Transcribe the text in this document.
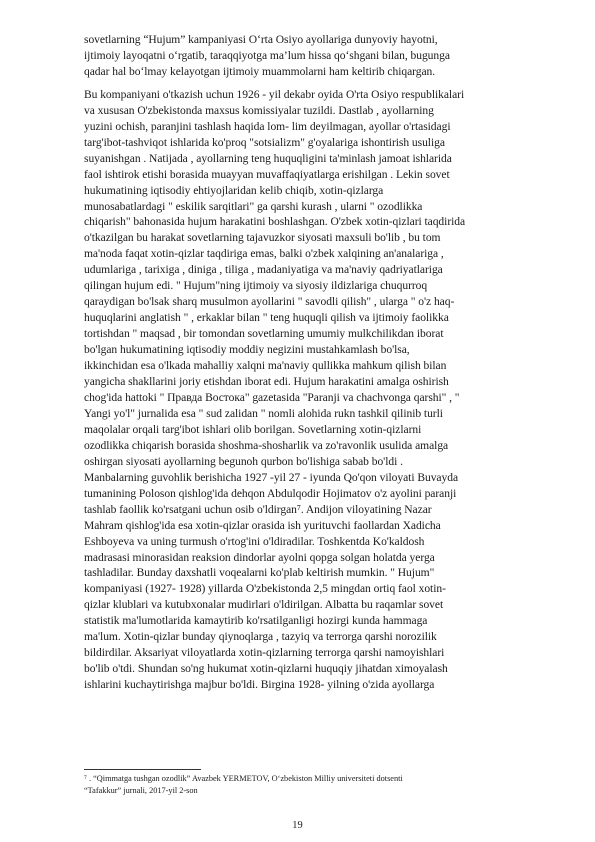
sovetlarning “Hujum” kampaniyasi O‘rta Osiyo ayollariga dunyoviy hayotni,
ijtimoiy layoqatni o‘rgatib, taraqqiyotga ma’lum hissa qo‘shgani bilan, bugunga
qadar hal bo‘lmay kelayotgan ijtimoiy muammolarni ham keltirib chiqargan.

Bu kompaniyani o'tkazish uchun 1926 - yil dekabr oyida O'rta Osiyo respublikalari
va xususan O'zbekistonda maxsus komissiyalar tuzildi. Dastlab , ayollarning
yuzini ochish, paranjini tashlash haqida lom- lim deyilmagan, ayollar o'rtasidagi
targ'ibot-tashviqot ishlarida ko'proq "sotsializm" g'oyalariga ishontirish usuliga
suyanishgan . Natijada , ayollarning teng huquqligini ta'minlash jamoat ishlarida
faol ishtirok etishi borasida muayyan muvaffaqiyatlarga erishilgan . Lekin sovet
hukumatining iqtisodiy ehtiyojlaridan kelib chiqib, xotin-qizlarga
munosabatlardagi " eskilik sarqitlari" ga qarshi kurash , ularni " ozodlikka
chiqarish" bahonasida hujum harakatini boshlashgan. O'zbek xotin-qizlari taqdirida
o'tkazilgan bu harakat sovetlarning tajavuzkor siyosati maxsuli bo'lib , bu tom
ma'noda faqat xotin-qizlar taqdiriga emas, balki o'zbek xalqining an'analariga ,
udumlariga , tarixiga , diniga , tiliga , madaniyatiga va ma'naviy qadriyatlariga
qilingan hujum edi. " Hujum"ning ijtimoiy va siyosiy ildizlariga chuqurroq
qaraydigan bo'lsak sharq musulmon ayollarini " savodli qilish" , ularga " o'z haq-
huquqlarini anglatish " , erkaklar bilan " teng huquqli qilish va ijtimoiy faolikka
tortishdan " maqsad , bir tomondan sovetlarning umumiy mulkchilikdan iborat
bo'lgan hukumatining iqtisodiy moddiy negizini mustahkamlash bo'lsa,
ikkinchidan esa o'lkada mahalliy xalqni ma'naviy qullikka mahkum qilish bilan
yangicha shakllarini joriy etishdan iborat edi. Hujum harakatini amalga oshirish
chog'ida hattoki " Правда Востока" gazetasida "Paranji va chachvonga qarshi" , "
Yangi yo'l" jurnalida esa " sud zalidan " nomli alohida rukn tashkil qilinib turli
maqolalar orqali targ'ibot ishlari olib borilgan. Sovetlarning xotin-qizlarni
ozodlikka chiqarish borasida shoshma-shosharlik va zo'ravonlik usulida amalga
oshirgan siyosati ayollarning begunoh qurbon bo'lishiga sabab bo'ldi .
Manbalarning guvohlik berishicha 1927 -yil 27 - iyunda Qo'qon viloyati Buvayda
tumanining Poloson qishlog'ida dehqon Abdulqodir Hojimatov o'z ayolini paranji
tashlab faollik ko'rsatgani uchun osib o'ldirgan⁷. Andijon viloyatining Nazar
Mahram qishlog'ida esa xotin-qizlar orasida ish yurituvchi faollardan Xadicha
Eshboyeva va uning turmush o'rtog'ini o'ldiradilar. Toshkentda Ko'kaldosh
madrasasi minorasidan reaksion dindorlar ayolni qopga solgan holatda yerga
tashladilar. Bunday daxshatli voqealarni ko'plab keltirish mumkin. " Hujum"
kompaniyasi (1927- 1928) yillarda O'zbekistonda 2,5 mingdan ortiq faol xotin-
qizlar klublari va kutubxonalar mudirlari o'ldirilgan. Albatta bu raqamlar sovet
statistik ma'lumotlarida kamaytirib ko'rsatilganligi hozirgi kunda hammaga
ma'lum. Xotin-qizlar bunday qiynoqlarga , tazyiq va terrorga qarshi norozilik
bildirdilar. Aksariyat viloyatlarda xotin-qizlarning terrorga qarshi namoyishlari
bo'lib o'tdi. Shundan so'ng hukumat xotin-qizlarni huquqiy jihatdan ximoyalash
ishlarini kuchaytirishga majbur bo'ldi. Birgina 1928- yilning o'zida ayollarga

⁷ . “Qimmatga tushgan ozodlik” Avazbek YERMETOV, O‘zbekiston Milliy universiteti dotsenti
“Tafakkur” jurnali, 2017-yil 2-son
19
